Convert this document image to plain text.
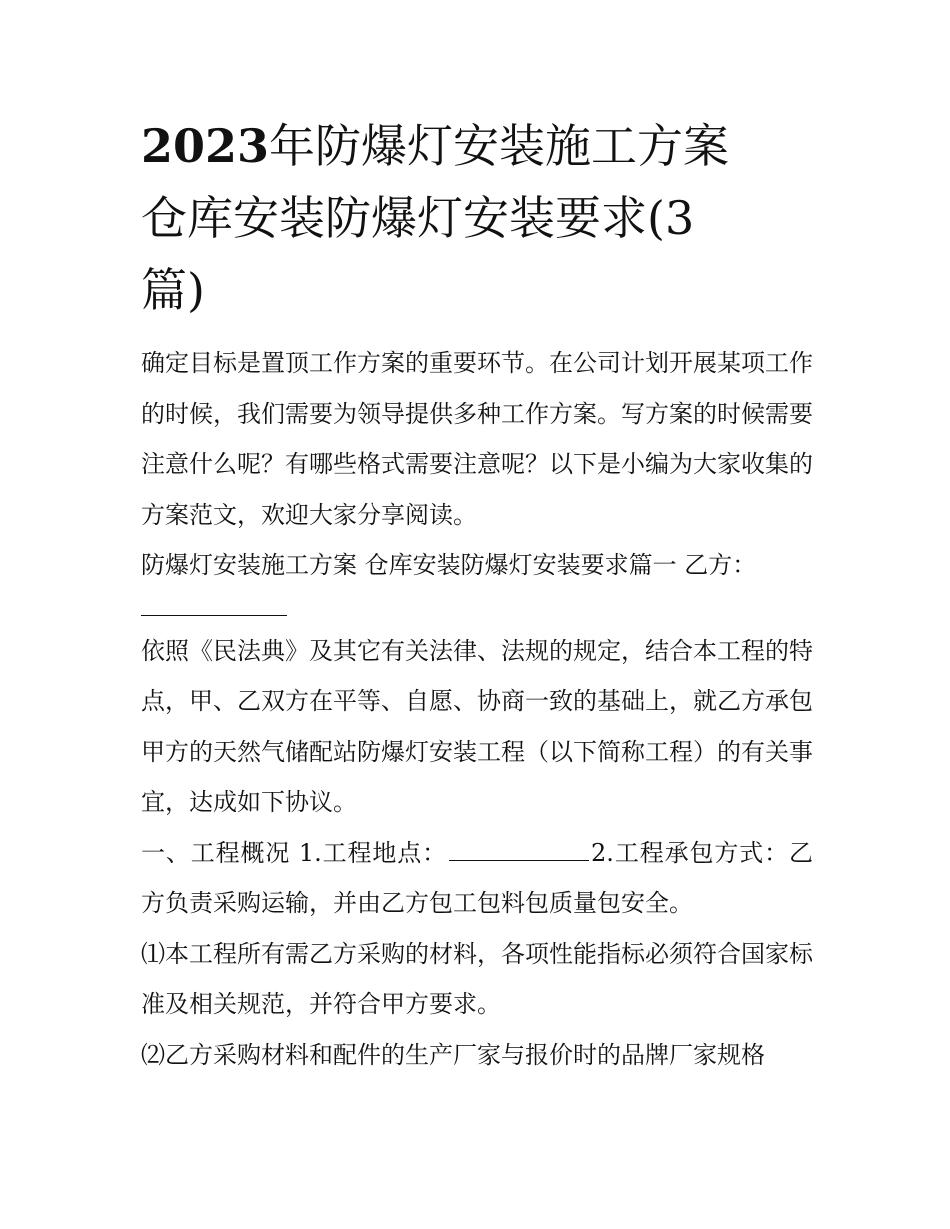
2023年防爆灯安装施工方案
仓库安装防爆灯安装要求(3
篇)

确定目标是置顶工作方案的重要环节。在公司计划开展某项工作的时候，我们需要为领导提供多种工作方案。写方案的时候需要注意什么呢？有哪些格式需要注意呢？以下是小编为大家收集的方案范文，欢迎大家分享阅读。

防爆灯安装施工方案 仓库安装防爆灯安装要求篇一 乙方：

依照《民法典》及其它有关法律、法规的规定，结合本工程的特点，甲、乙双方在平等、自愿、协商一致的基础上，就乙方承包甲方的天然气储配站防爆灯安装工程（以下简称工程）的有关事宜，达成如下协议。

一、工程概况 1.工程地点：	2.工程承包方式：乙方负责采购运输，并由乙方包工包料包质量包安全。

⑴本工程所有需乙方采购的材料，各项性能指标必须符合国家标准及相关规范，并符合甲方要求。

⑵乙方采购材料和配件的生产厂家与报价时的品牌厂家规格
